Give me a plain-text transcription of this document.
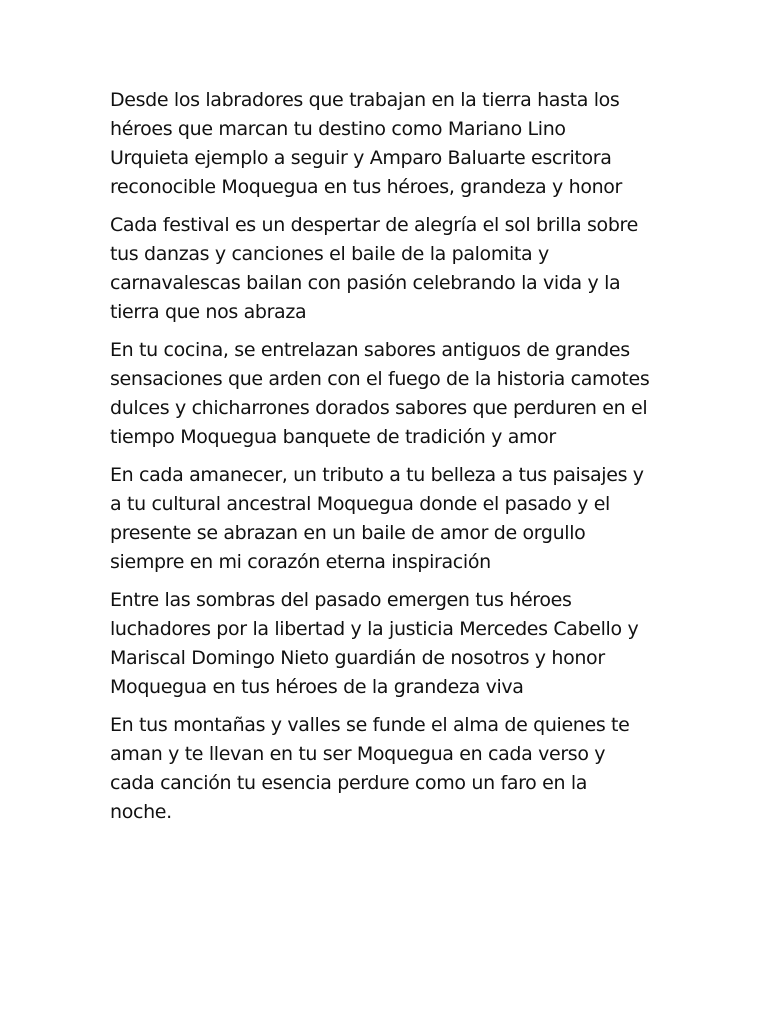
Desde los labradores que trabajan en la tierra hasta los
héroes que marcan tu destino como Mariano Lino
Urquieta ejemplo a seguir y Amparo Baluarte escritora
reconocible Moquegua en tus héroes, grandeza y honor
Cada festival es un despertar de alegría el sol brilla sobre
tus danzas y canciones el baile de la palomita y
carnavalescas bailan con pasión celebrando la vida y la
tierra que nos abraza
En tu cocina, se entrelazan sabores antiguos de grandes
sensaciones que arden con el fuego de la historia camotes
dulces y chicharrones dorados sabores que perduren en el
tiempo Moquegua banquete de tradición y amor
En cada amanecer, un tributo a tu belleza a tus paisajes y
a tu cultural ancestral Moquegua donde el pasado y el
presente se abrazan en un baile de amor de orgullo
siempre en mi corazón eterna inspiración
Entre las sombras del pasado emergen tus héroes
luchadores por la libertad y la justicia Mercedes Cabello y
Mariscal Domingo Nieto guardián de nosotros y honor
Moquegua en tus héroes de la grandeza viva
En tus montañas y valles se funde el alma de quienes te
aman y te llevan en tu ser Moquegua en cada verso y
cada canción tu esencia perdure como un faro en la
noche.
